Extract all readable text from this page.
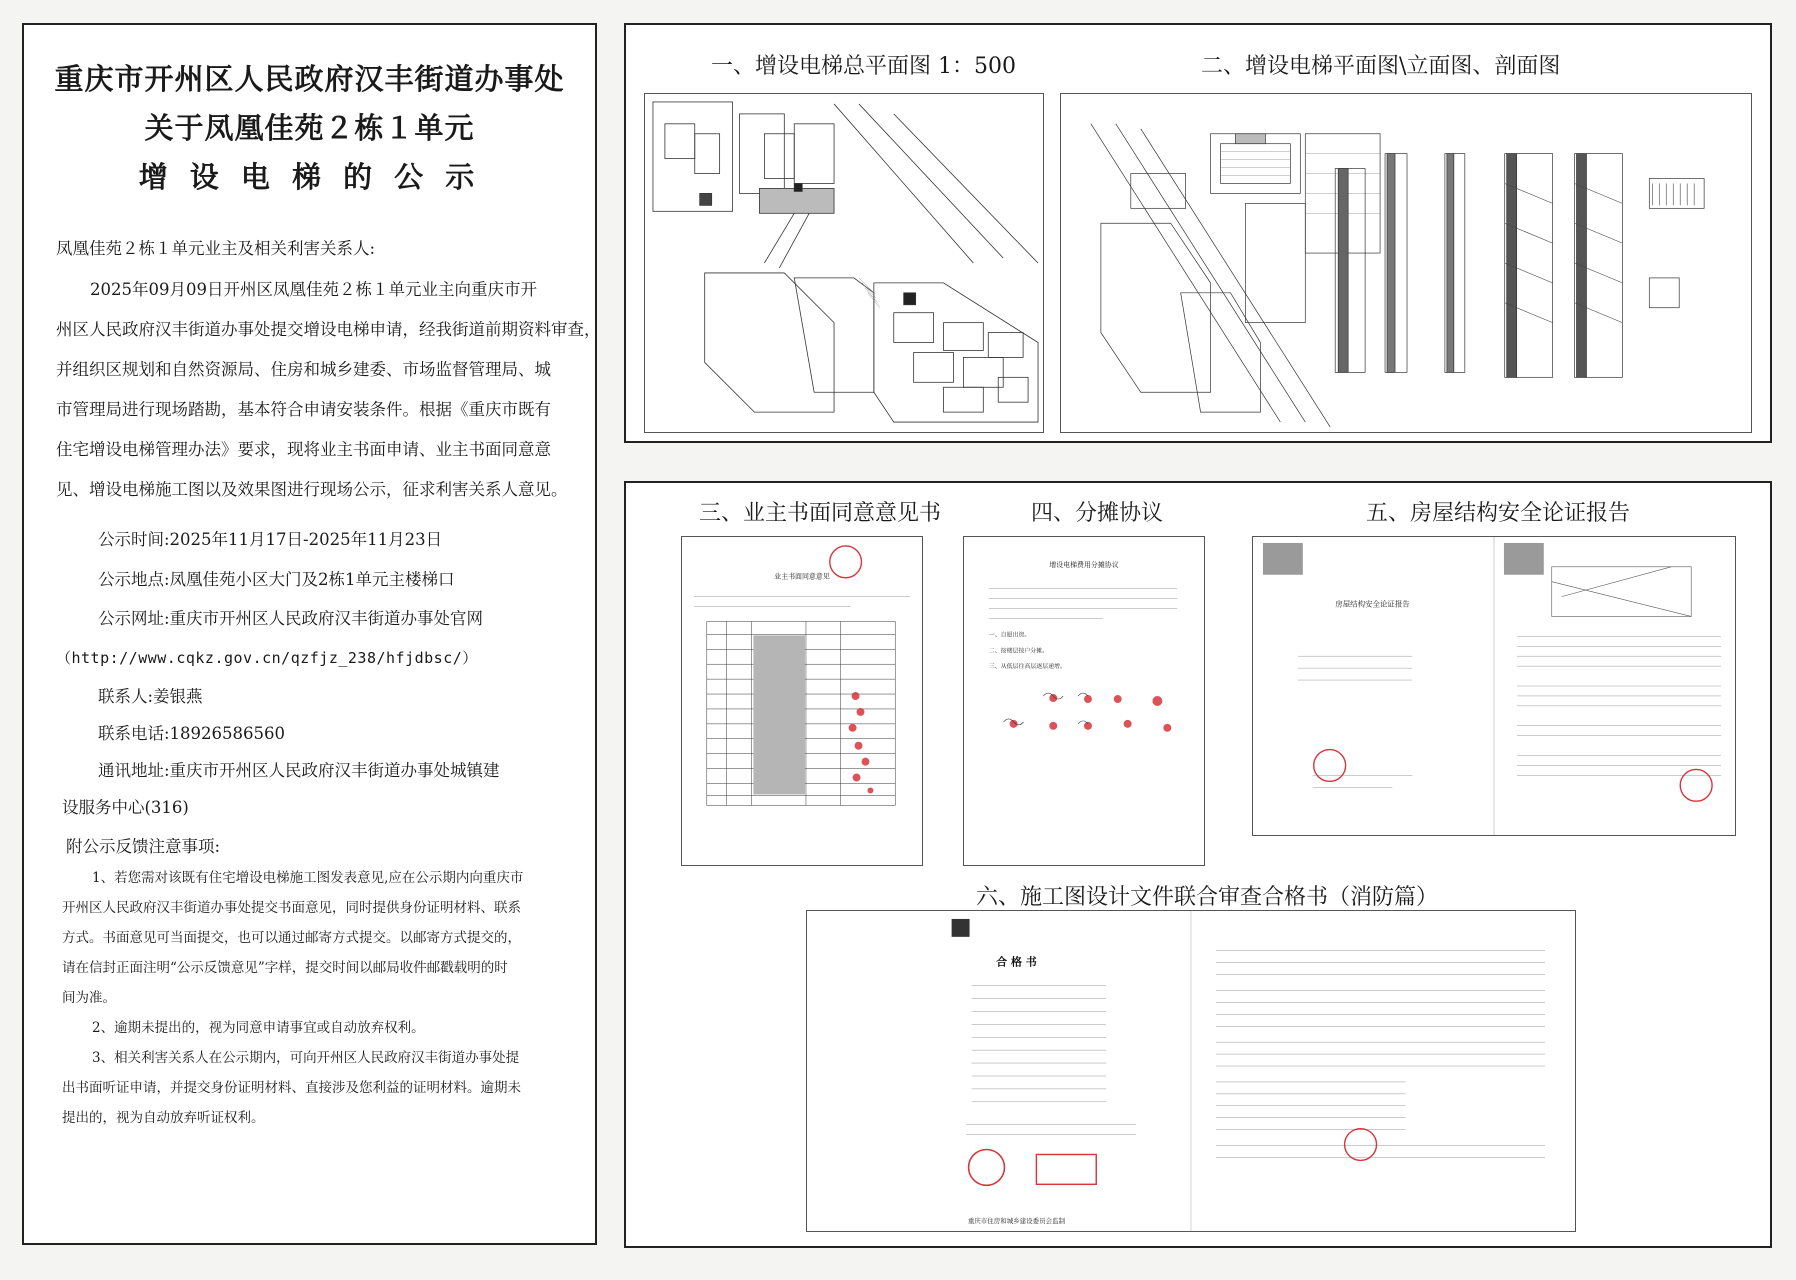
重庆市开州区人民政府汉丰街道办事处
关于凤凰佳苑２栋１单元
增 设 电 梯 的 公 示
凤凰佳苑２栋１单元业主及相关利害关系人:
2025年09月09日开州区凤凰佳苑２栋１单元业主向重庆市开
州区人民政府汉丰街道办事处提交增设电梯申请，经我街道前期资料审查，
并组织区规划和自然资源局、住房和城乡建委、市场监督管理局、城
市管理局进行现场踏勘，基本符合申请安装条件。根据《重庆市既有
住宅增设电梯管理办法》要求，现将业主书面申请、业主书面同意意
见、增设电梯施工图以及效果图进行现场公示，征求利害关系人意见。
公示时间:2025年11月17日-2025年11月23日
公示地点:凤凰佳苑小区大门及2栋1单元主楼梯口
公示网址:重庆市开州区人民政府汉丰街道办事处官网
（http://www.cqkz.gov.cn/qzfjz_238/hfjdbsc/）
联系人:姜银燕
联系电话:18926586560
通讯地址:重庆市开州区人民政府汉丰街道办事处城镇建
设服务中心(316)
附公示反馈注意事项:
1、若您需对该既有住宅增设电梯施工图发表意见,应在公示期内向重庆市
开州区人民政府汉丰街道办事处提交书面意见，同时提供身份证明材料、联系
方式。书面意见可当面提交，也可以通过邮寄方式提交。以邮寄方式提交的，
请在信封正面注明“公示反馈意见”字样，提交时间以邮局收件邮戳载明的时
间为准。
2、逾期未提出的，视为同意申请事宜或自动放弃权利。
3、相关利害关系人在公示期内，可向开州区人民政府汉丰街道办事处提
出书面听证申请，并提交身份证明材料、直接涉及您利益的证明材料。逾期未
提出的，视为自动放弃听证权利。
一、增设电梯总平面图 1：500	二、增设电梯平面图\立面图、剖面图
三、业主书面同意意见书	四、分摊协议	五、房屋结构安全论证报告
六、施工图设计文件联合审查合格书（消防篇）
业主书面同意意见
增设电梯费用分摊协议
一、自愿出资。
二、按楼层按户分摊。
三、从低层往高层逐层递增。
房屋结构安全论证报告
合 格 书
重庆市住房和城乡建设委员会监制
